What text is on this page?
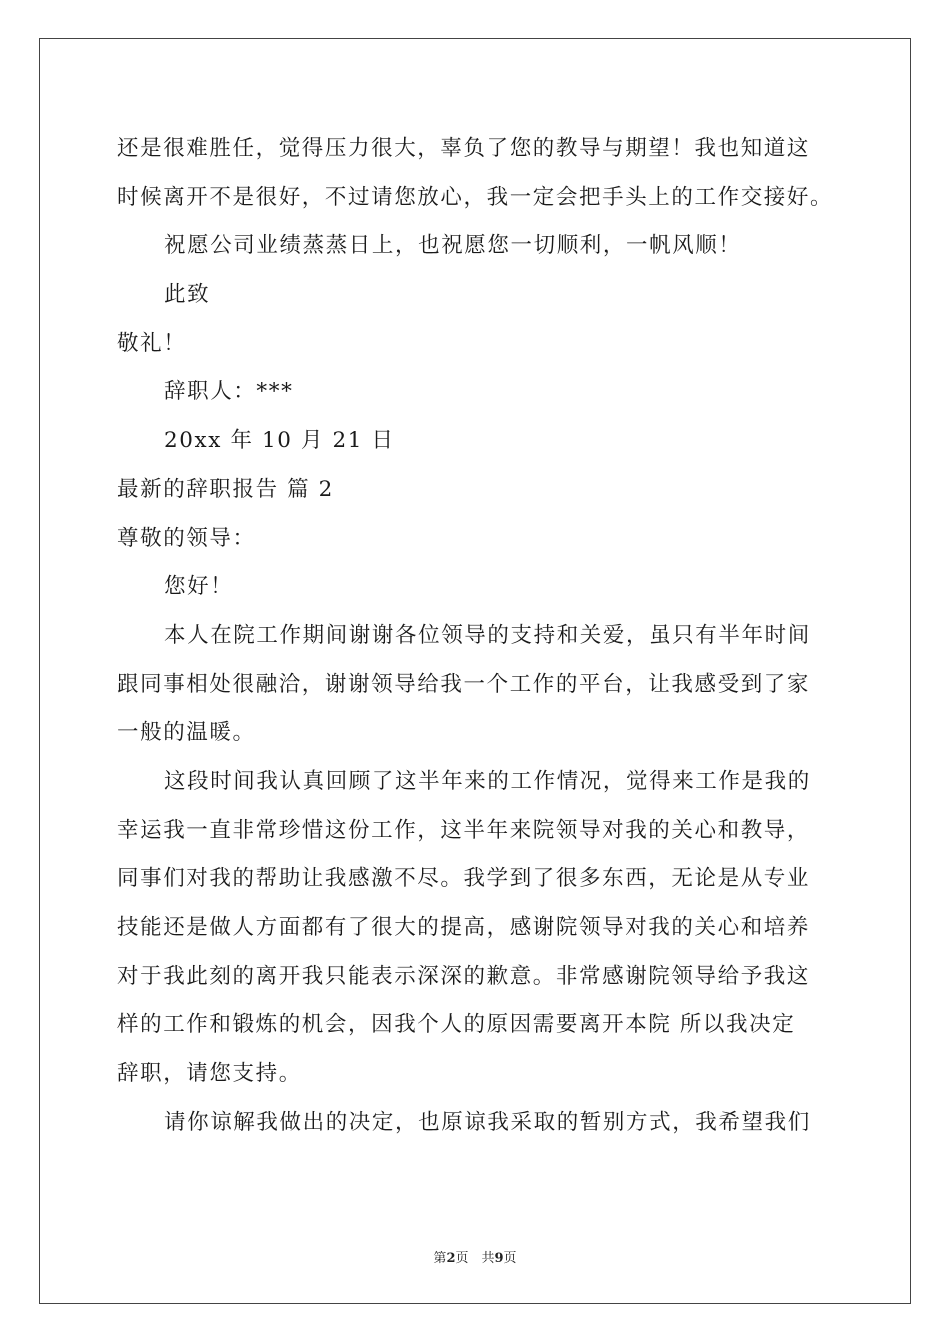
还是很难胜任，觉得压力很大，辜负了您的教导与期望！我也知道这
时候离开不是很好，不过请您放心，我一定会把手头上的工作交接好。
祝愿公司业绩蒸蒸日上，也祝愿您一切顺利，一帆风顺！
此致
敬礼！
辞职人：***
20xx 年 10 月 21 日
最新的辞职报告 篇 2
尊敬的领导：
您好！
本人在院工作期间谢谢各位领导的支持和关爱，虽只有半年时间
跟同事相处很融洽，谢谢领导给我一个工作的平台，让我感受到了家
一般的温暖。
这段时间我认真回顾了这半年来的工作情况，觉得来工作是我的
幸运我一直非常珍惜这份工作，这半年来院领导对我的关心和教导，
同事们对我的帮助让我感激不尽。我学到了很多东西，无论是从专业
技能还是做人方面都有了很大的提高，感谢院领导对我的关心和培养
对于我此刻的离开我只能表示深深的歉意。非常感谢院领导给予我这
样的工作和锻炼的机会，因我个人的原因需要离开本院 所以我决定
辞职，请您支持。
请你谅解我做出的决定，也原谅我采取的暂别方式，我希望我们
第2页　共9页
